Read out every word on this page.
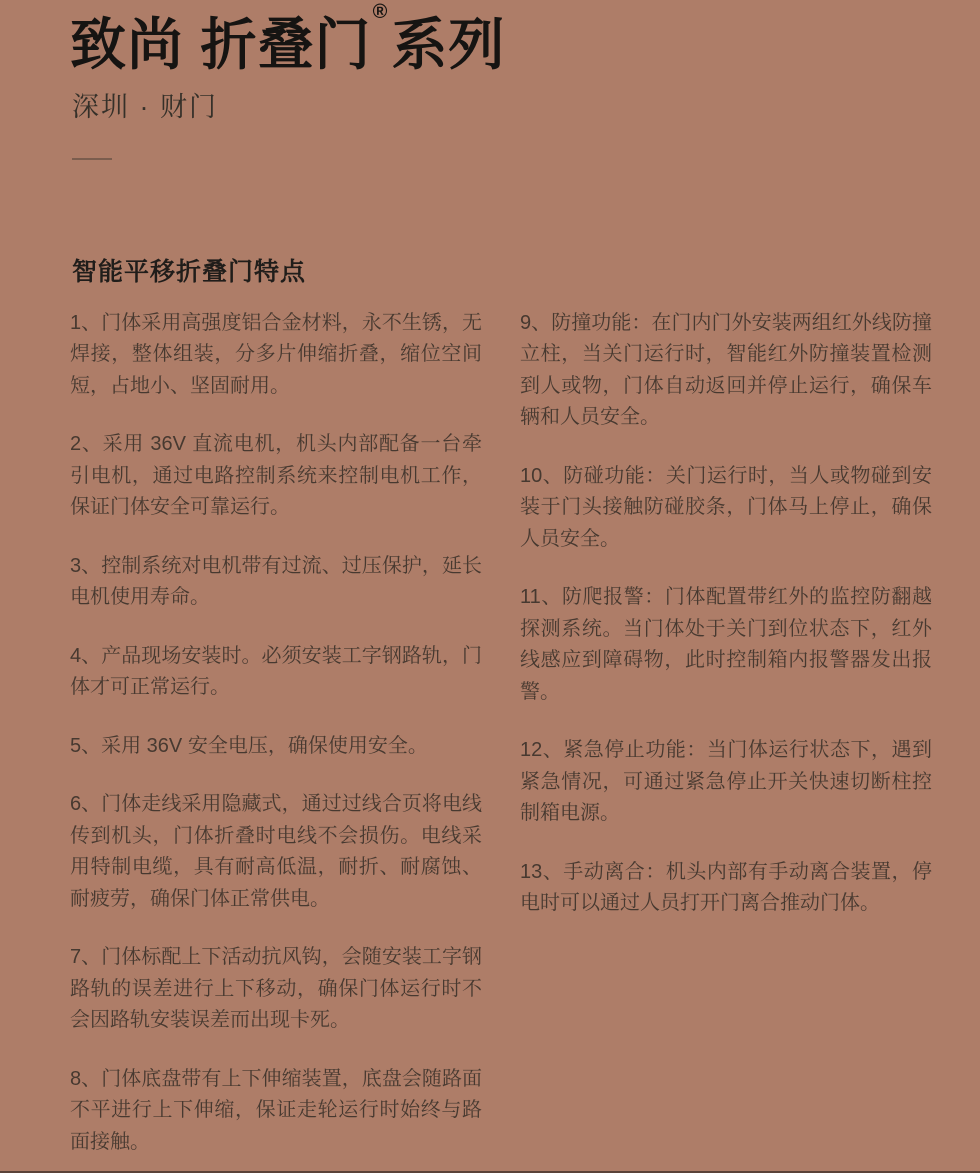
致尚 折叠门®系列
深圳 · 财门
智能平移折叠门特点

1、门体采用高强度铝合金材料，永不生锈，无焊接，整体组装，分多片伸缩折叠，缩位空间短，占地小、坚固耐用。

2、采用 36V 直流电机，机头内部配备一台牵引电机，通过电路控制系统来控制电机工作，保证门体安全可靠运行。

3、控制系统对电机带有过流、过压保护，延长电机使用寿命。

4、产品现场安装时。必须安装工字钢路轨，门体才可正常运行。

5、采用 36V 安全电压，确保使用安全。

6、门体走线采用隐藏式，通过过线合页将电线传到机头，门体折叠时电线不会损伤。电线采用特制电缆，具有耐高低温，耐折、耐腐蚀、耐疲劳，确保门体正常供电。

7、门体标配上下活动抗风钩，会随安装工字钢路轨的误差进行上下移动，确保门体运行时不会因路轨安装误差而出现卡死。

8、门体底盘带有上下伸缩装置，底盘会随路面不平进行上下伸缩，保证走轮运行时始终与路面接触。

9、防撞功能：在门内门外安装两组红外线防撞立柱，当关门运行时，智能红外防撞装置检测到人或物，门体自动返回并停止运行，确保车辆和人员安全。

10、防碰功能：关门运行时，当人或物碰到安装于门头接触防碰胶条，门体马上停止，确保人员安全。

11、防爬报警：门体配置带红外的监控防翻越探测系统。当门体处于关门到位状态下，红外线感应到障碍物，此时控制箱内报警器发出报警。

12、紧急停止功能：当门体运行状态下，遇到紧急情况，可通过紧急停止开关快速切断柱控制箱电源。

13、手动离合：机头内部有手动离合装置，停电时可以通过人员打开门离合推动门体。
